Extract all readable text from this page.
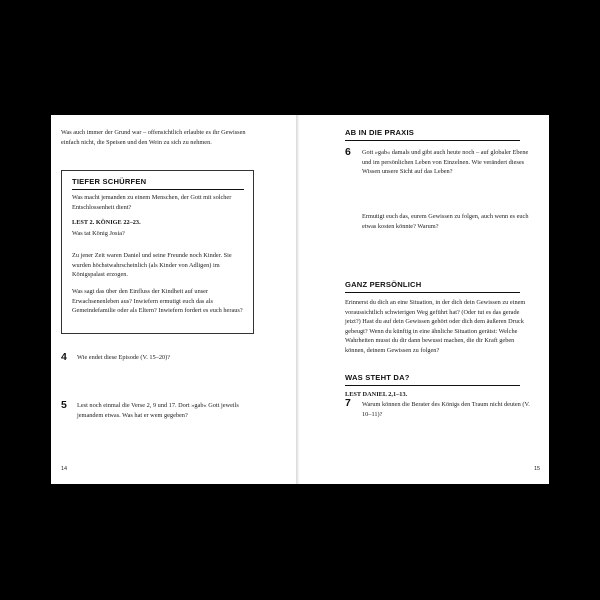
Was auch immer der Grund war – offensichtlich erlaubte es ihr Gewissen einfach nicht, die Speisen und den Wein zu sich zu nehmen.
TIEFER SCHÜRFEN
Was macht jemanden zu einem Menschen, der Gott mit solcher Entschlossenheit dient?
LEST 2. KÖNIGE 22–23.
Was tat König Josia?
Zu jener Zeit waren Daniel und seine Freunde noch Kinder. Sie wurden höchstwahrscheinlich (als Kinder von Adligen) im Königspalast erzogen.
Was sagt das über den Einfluss der Kindheit auf unser Erwachsenenleben aus? Inwiefern ermutigt euch das als Gemeindefamilie oder als Eltern? Inwiefern fordert es euch heraus?
4 Wie endet diese Episode (V. 15–20)?
5 Lest noch einmal die Verse 2, 9 und 17. Dort »gab« Gott jeweils jemandem etwas. Was hat er wem gegeben?
14
AB IN DIE PRAXIS
6 Gott »gab« damals und gibt auch heute noch – auf globaler Ebene und im persönlichen Leben von Einzelnen. Wie verändert dieses Wissen unsere Sicht auf das Leben?
Ermutigt euch das, eurem Gewissen zu folgen, auch wenn es euch etwas kosten könnte? Warum?
GANZ PERSÖNLICH
Erinnerst du dich an eine Situation, in der dich dein Gewissen zu einem voraussichtlich schwierigen Weg geführt hat? (Oder tut es das gerade jetzt?) Hast du auf dein Gewissen gehört oder dich dem äußeren Druck gebeugt? Wenn du künftig in eine ähnliche Situation gerätst: Welche Wahrheiten musst du dir dann bewusst machen, die dir Kraft geben können, deinem Gewissen zu folgen?
WAS STEHT DA?
LEST DANIEL 2,1–13.
7 Warum können die Berater des Königs den Traum nicht deuten (V. 10–11)?
15
